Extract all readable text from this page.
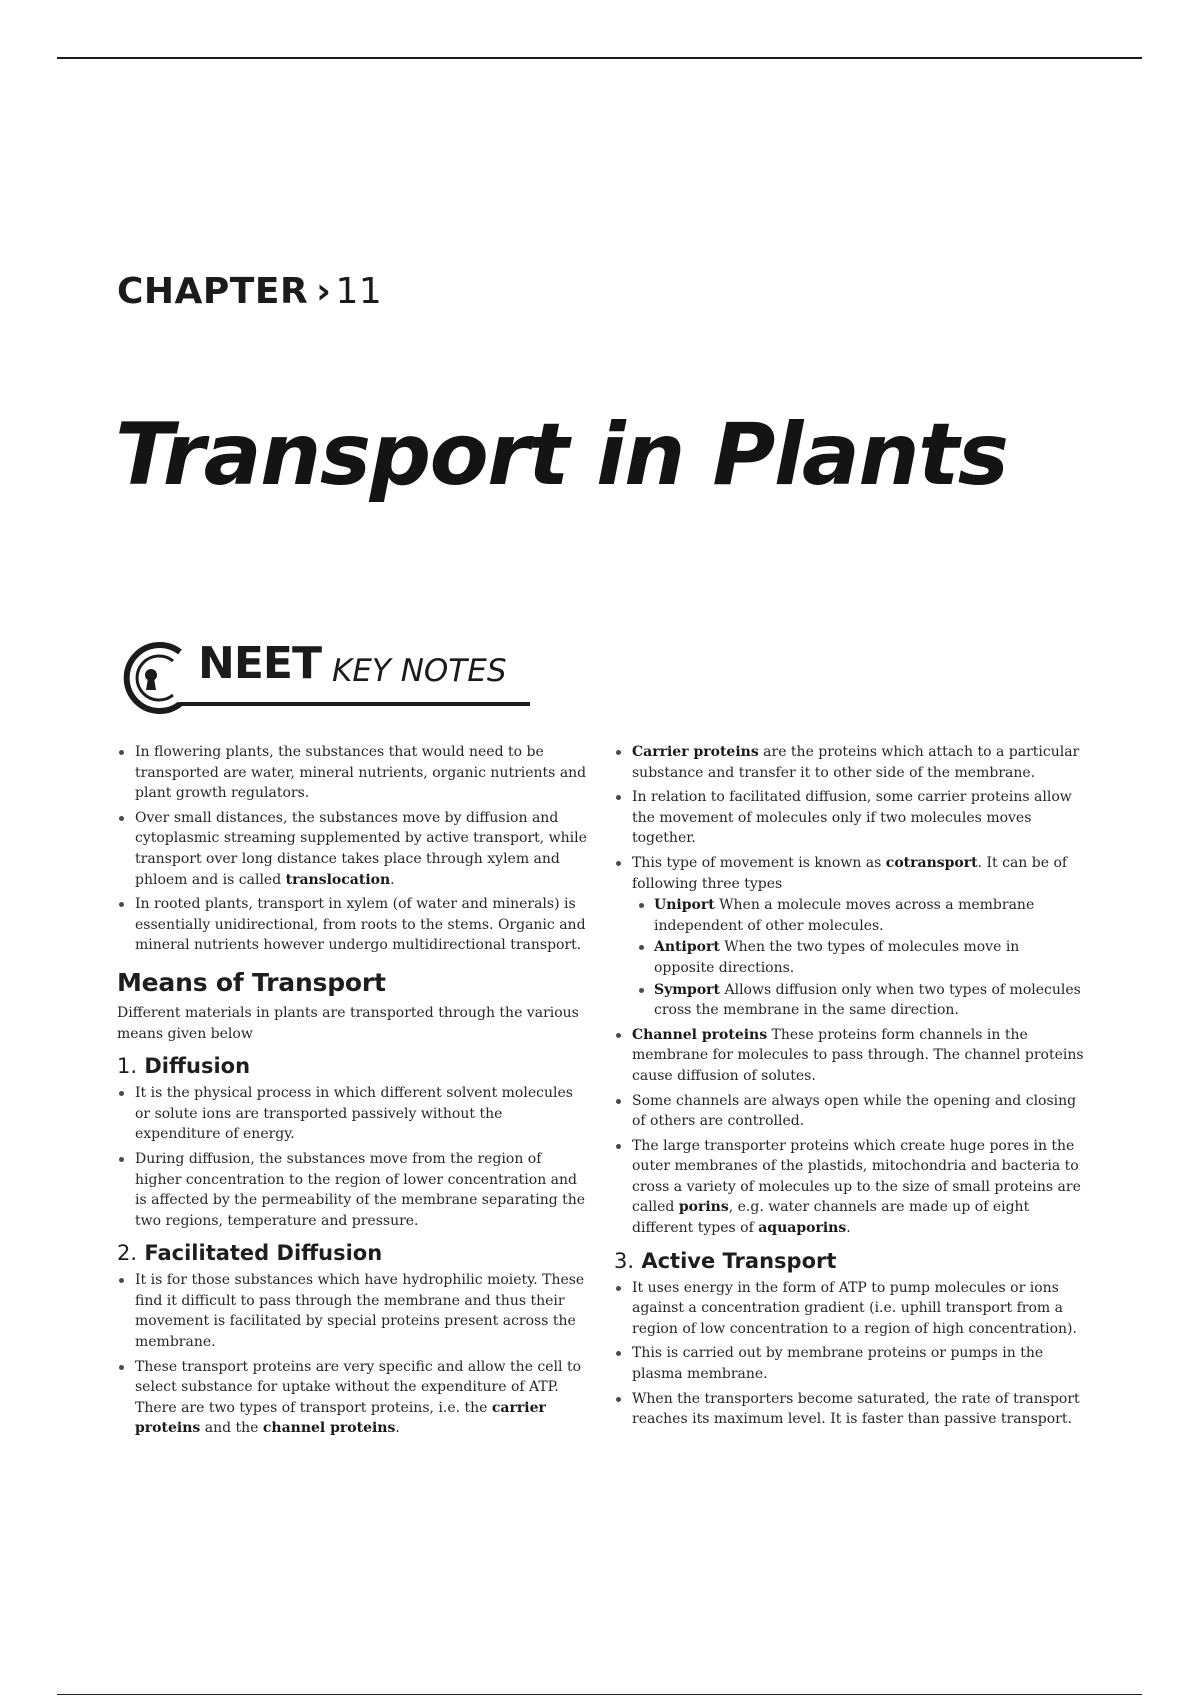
CHAPTER › 11
Transport in Plants
NEET KEY NOTES
In flowering plants, the substances that would need to be transported are water, mineral nutrients, organic nutrients and plant growth regulators.
Over small distances, the substances move by diffusion and cytoplasmic streaming supplemented by active transport, while transport over long distance takes place through xylem and phloem and is called translocation.
In rooted plants, transport in xylem (of water and minerals) is essentially unidirectional, from roots to the stems. Organic and mineral nutrients however undergo multidirectional transport.
Means of Transport

Different materials in plants are transported through the various means given below

1. Diffusion
It is the physical process in which different solvent molecules or solute ions are transported passively without the expenditure of energy.
During diffusion, the substances move from the region of higher concentration to the region of lower concentration and is affected by the permeability of the membrane separating the two regions, temperature and pressure.
2. Facilitated Diffusion
It is for those substances which have hydrophilic moiety. These find it difficult to pass through the membrane and thus their movement is facilitated by special proteins present across the membrane.
These transport proteins are very specific and allow the cell to select substance for uptake without the expenditure of ATP. There are two types of transport proteins, i.e. the carrier proteins and the channel proteins.
Carrier proteins are the proteins which attach to a particular substance and transfer it to other side of the membrane.
In relation to facilitated diffusion, some carrier proteins allow the movement of molecules only if two molecules moves together.
This type of movement is known as cotransport. It can be of following three types
Uniport When a molecule moves across a membrane independent of other molecules.
Antiport When the two types of molecules move in opposite directions.
Symport Allows diffusion only when two types of molecules cross the membrane in the same direction.
Channel proteins These proteins form channels in the membrane for molecules to pass through. The channel proteins cause diffusion of solutes.
Some channels are always open while the opening and closing of others are controlled.
The large transporter proteins which create huge pores in the outer membranes of the plastids, mitochondria and bacteria to cross a variety of molecules up to the size of small proteins are called porins, e.g. water channels are made up of eight different types of aquaporins.
3. Active Transport
It uses energy in the form of ATP to pump molecules or ions against a concentration gradient (i.e. uphill transport from a region of low concentration to a region of high concentration).
This is carried out by membrane proteins or pumps in the plasma membrane.
When the transporters become saturated, the rate of transport reaches its maximum level. It is faster than passive transport.
